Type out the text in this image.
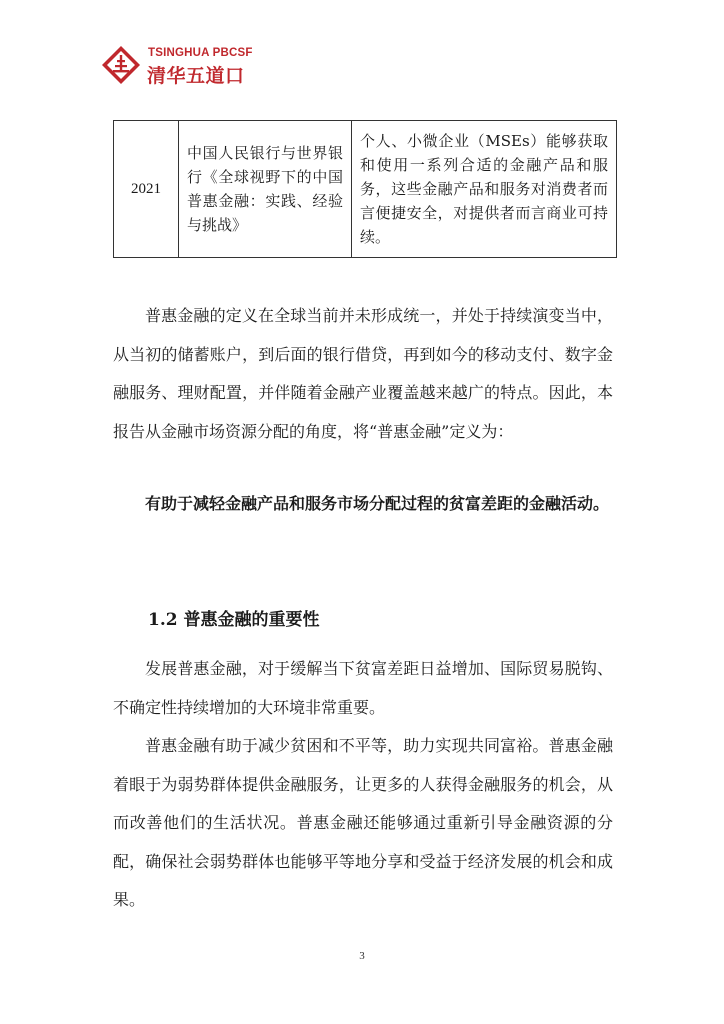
TSINGHUA PBCSF
清华五道口
2021	中国人民银行与世界银行《全球视野下的中国普惠金融：实践、经验与挑战》	个人、小微企业（MSEs）能够获取和使用一系列合适的金融产品和服务，这些金融产品和服务对消费者而言便捷安全，对提供者而言商业可持续。

普惠金融的定义在全球当前并未形成统一，并处于持续演变当中，从当初的储蓄账户，到后面的银行借贷，再到如今的移动支付、数字金融服务、理财配置，并伴随着金融产业覆盖越来越广的特点。因此，本报告从金融市场资源分配的角度，将“普惠金融”定义为：

有助于减轻金融产品和服务市场分配过程的贫富差距的金融活动。

1.2 普惠金融的重要性

发展普惠金融，对于缓解当下贫富差距日益增加、国际贸易脱钩、不确定性持续增加的大环境非常重要。

普惠金融有助于减少贫困和不平等，助力实现共同富裕。普惠金融着眼于为弱势群体提供金融服务，让更多的人获得金融服务的机会，从而改善他们的生活状况。普惠金融还能够通过重新引导金融资源的分配，确保社会弱势群体也能够平等地分享和受益于经济发展的机会和成果。

3
